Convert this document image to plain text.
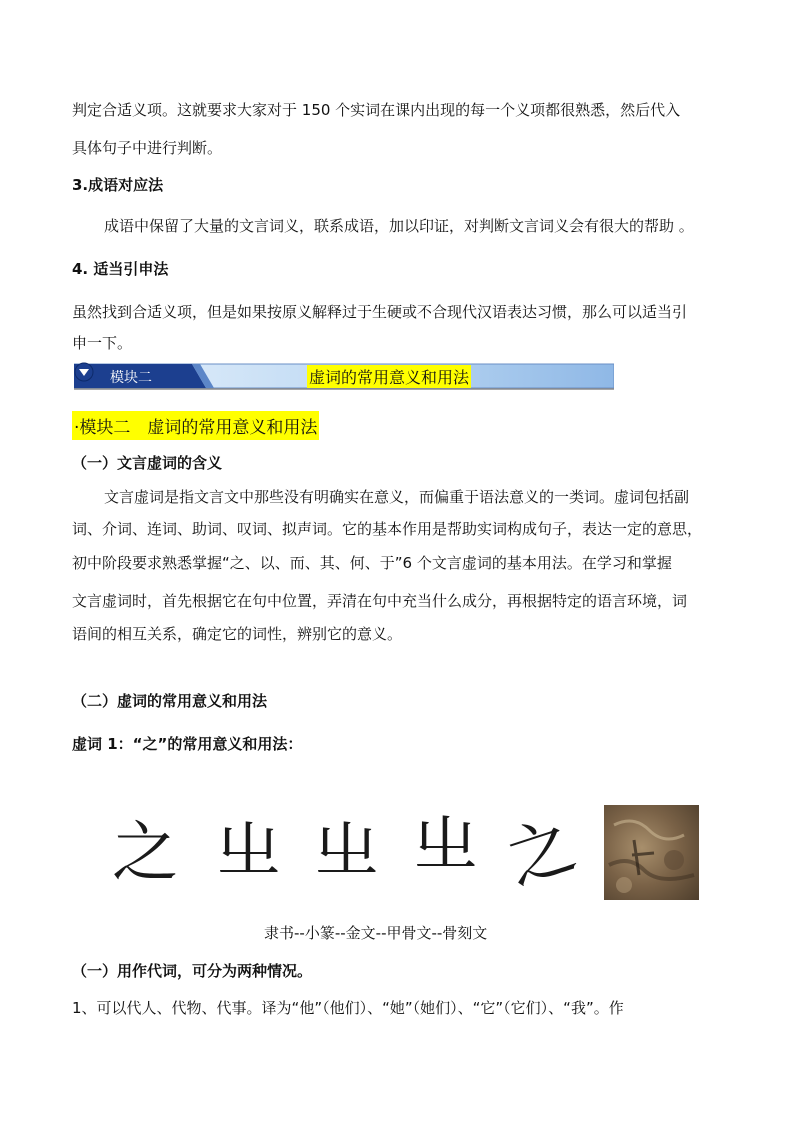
判定合适义项。这就要求大家对于 150 个实词在课内出现的每一个义项都很熟悉，然后代入
具体句子中进行判断。
3.成语对应法
成语中保留了大量的文言词义，联系成语，加以印证，对判断文言词义会有很大的帮助 。
4. 适当引申法
虽然找到合适义项，但是如果按原义解释过于生硬或不合现代汉语表达习惯，那么可以适当引
申一下。
模块二	虚词的常用意义和用法
·模块二　虚词的常用意义和用法
（一）文言虚词的含义
文言虚词是指文言文中那些没有明确实在意义，而偏重于语法意义的一类词。虚词包括副
词、介词、连词、助词、叹词、拟声词。它的基本作用是帮助实词构成句子，表达一定的意思，
初中阶段要求熟悉掌握“之、以、而、其、何、于”6 个文言虚词的基本用法。在学习和掌握
文言虚词时，首先根据它在句中位置，弄清在句中充当什么成分，再根据特定的语言环境，词
语间的相互关系，确定它的词性，辨别它的意义。
（二）虚词的常用意义和用法
虚词 1：“之”的常用意义和用法：
之 㞢 㞢 㞢 之
隶书--小篆--金文--甲骨文--骨刻文
（一）用作代词，可分为两种情况。
1、可以代人、代物、代事。译为“他”（他们）、“她”（她们）、“它”（它们）、“我”。作
